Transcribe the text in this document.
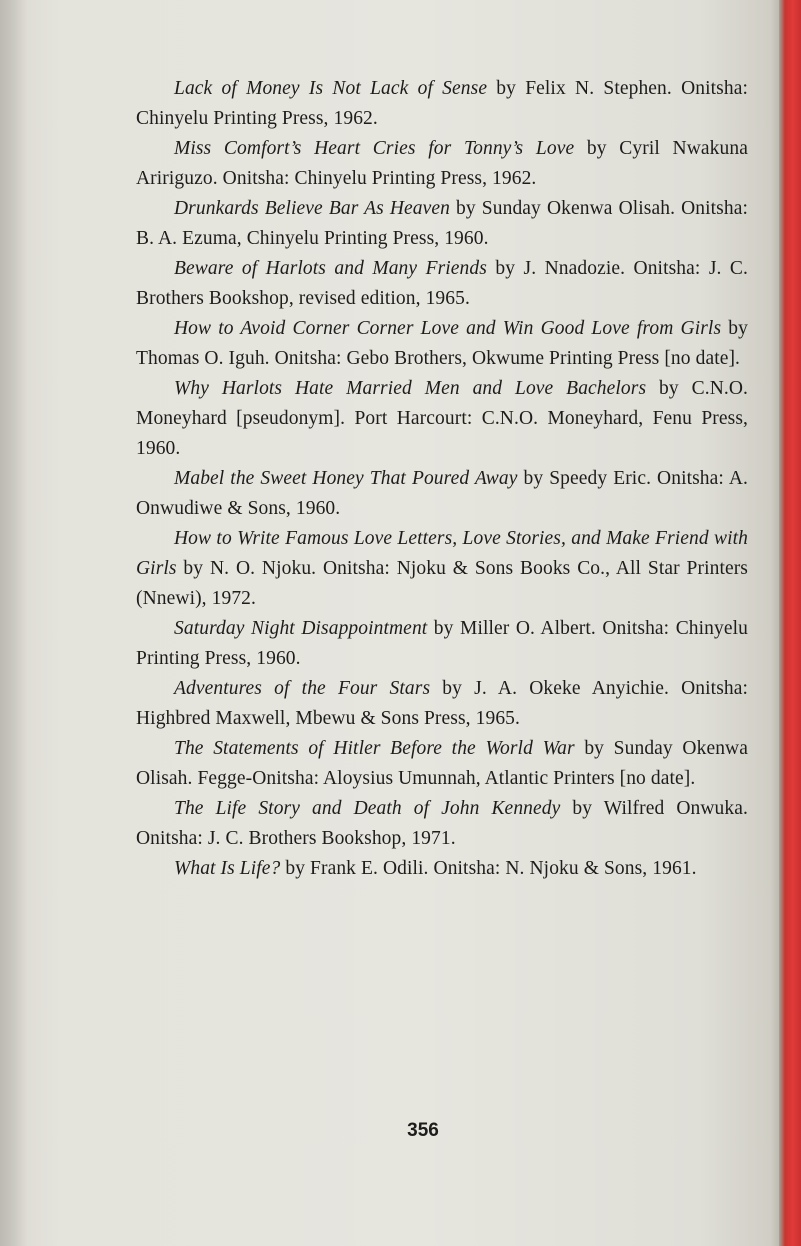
Lack of Money Is Not Lack of Sense by Felix N. Stephen. Onitsha: Chinyelu Printing Press, 1962.

Miss Comfort’s Heart Cries for Tonny’s Love by Cyril Nwakuna Aririguzo. Onitsha: Chinyelu Printing Press, 1962.

Drunkards Believe Bar As Heaven by Sunday Okenwa Olisah. Onitsha: B. A. Ezuma, Chinyelu Printing Press, 1960.

Beware of Harlots and Many Friends by J. Nnadozie. Onitsha: J. C. Brothers Bookshop, revised edition, 1965.

How to Avoid Corner Corner Love and Win Good Love from Girls by Thomas O. Iguh. Onitsha: Gebo Brothers, Okwume Printing Press [no date].

Why Harlots Hate Married Men and Love Bachelors by C.N.O. Moneyhard [pseudonym]. Port Harcourt: C.N.O. Moneyhard, Fenu Press, 1960.

Mabel the Sweet Honey That Poured Away by Speedy Eric. Onitsha: A. Onwudiwe & Sons, 1960.

How to Write Famous Love Letters, Love Stories, and Make Friend with Girls by N. O. Njoku. Onitsha: Njoku & Sons Books Co., All Star Printers (Nnewi), 1972.

Saturday Night Disappointment by Miller O. Albert. Onitsha: Chinyelu Printing Press, 1960.

Adventures of the Four Stars by J. A. Okeke Anyichie. Onitsha: Highbred Maxwell, Mbewu & Sons Press, 1965.

The Statements of Hitler Before the World War by Sunday Okenwa Olisah. Fegge-Onitsha: Aloysius Umunnah, Atlantic Printers [no date].

The Life Story and Death of John Kennedy by Wilfred Onwuka. Onitsha: J. C. Brothers Bookshop, 1971.

What Is Life? by Frank E. Odili. Onitsha: N. Njoku & Sons, 1961.

356
